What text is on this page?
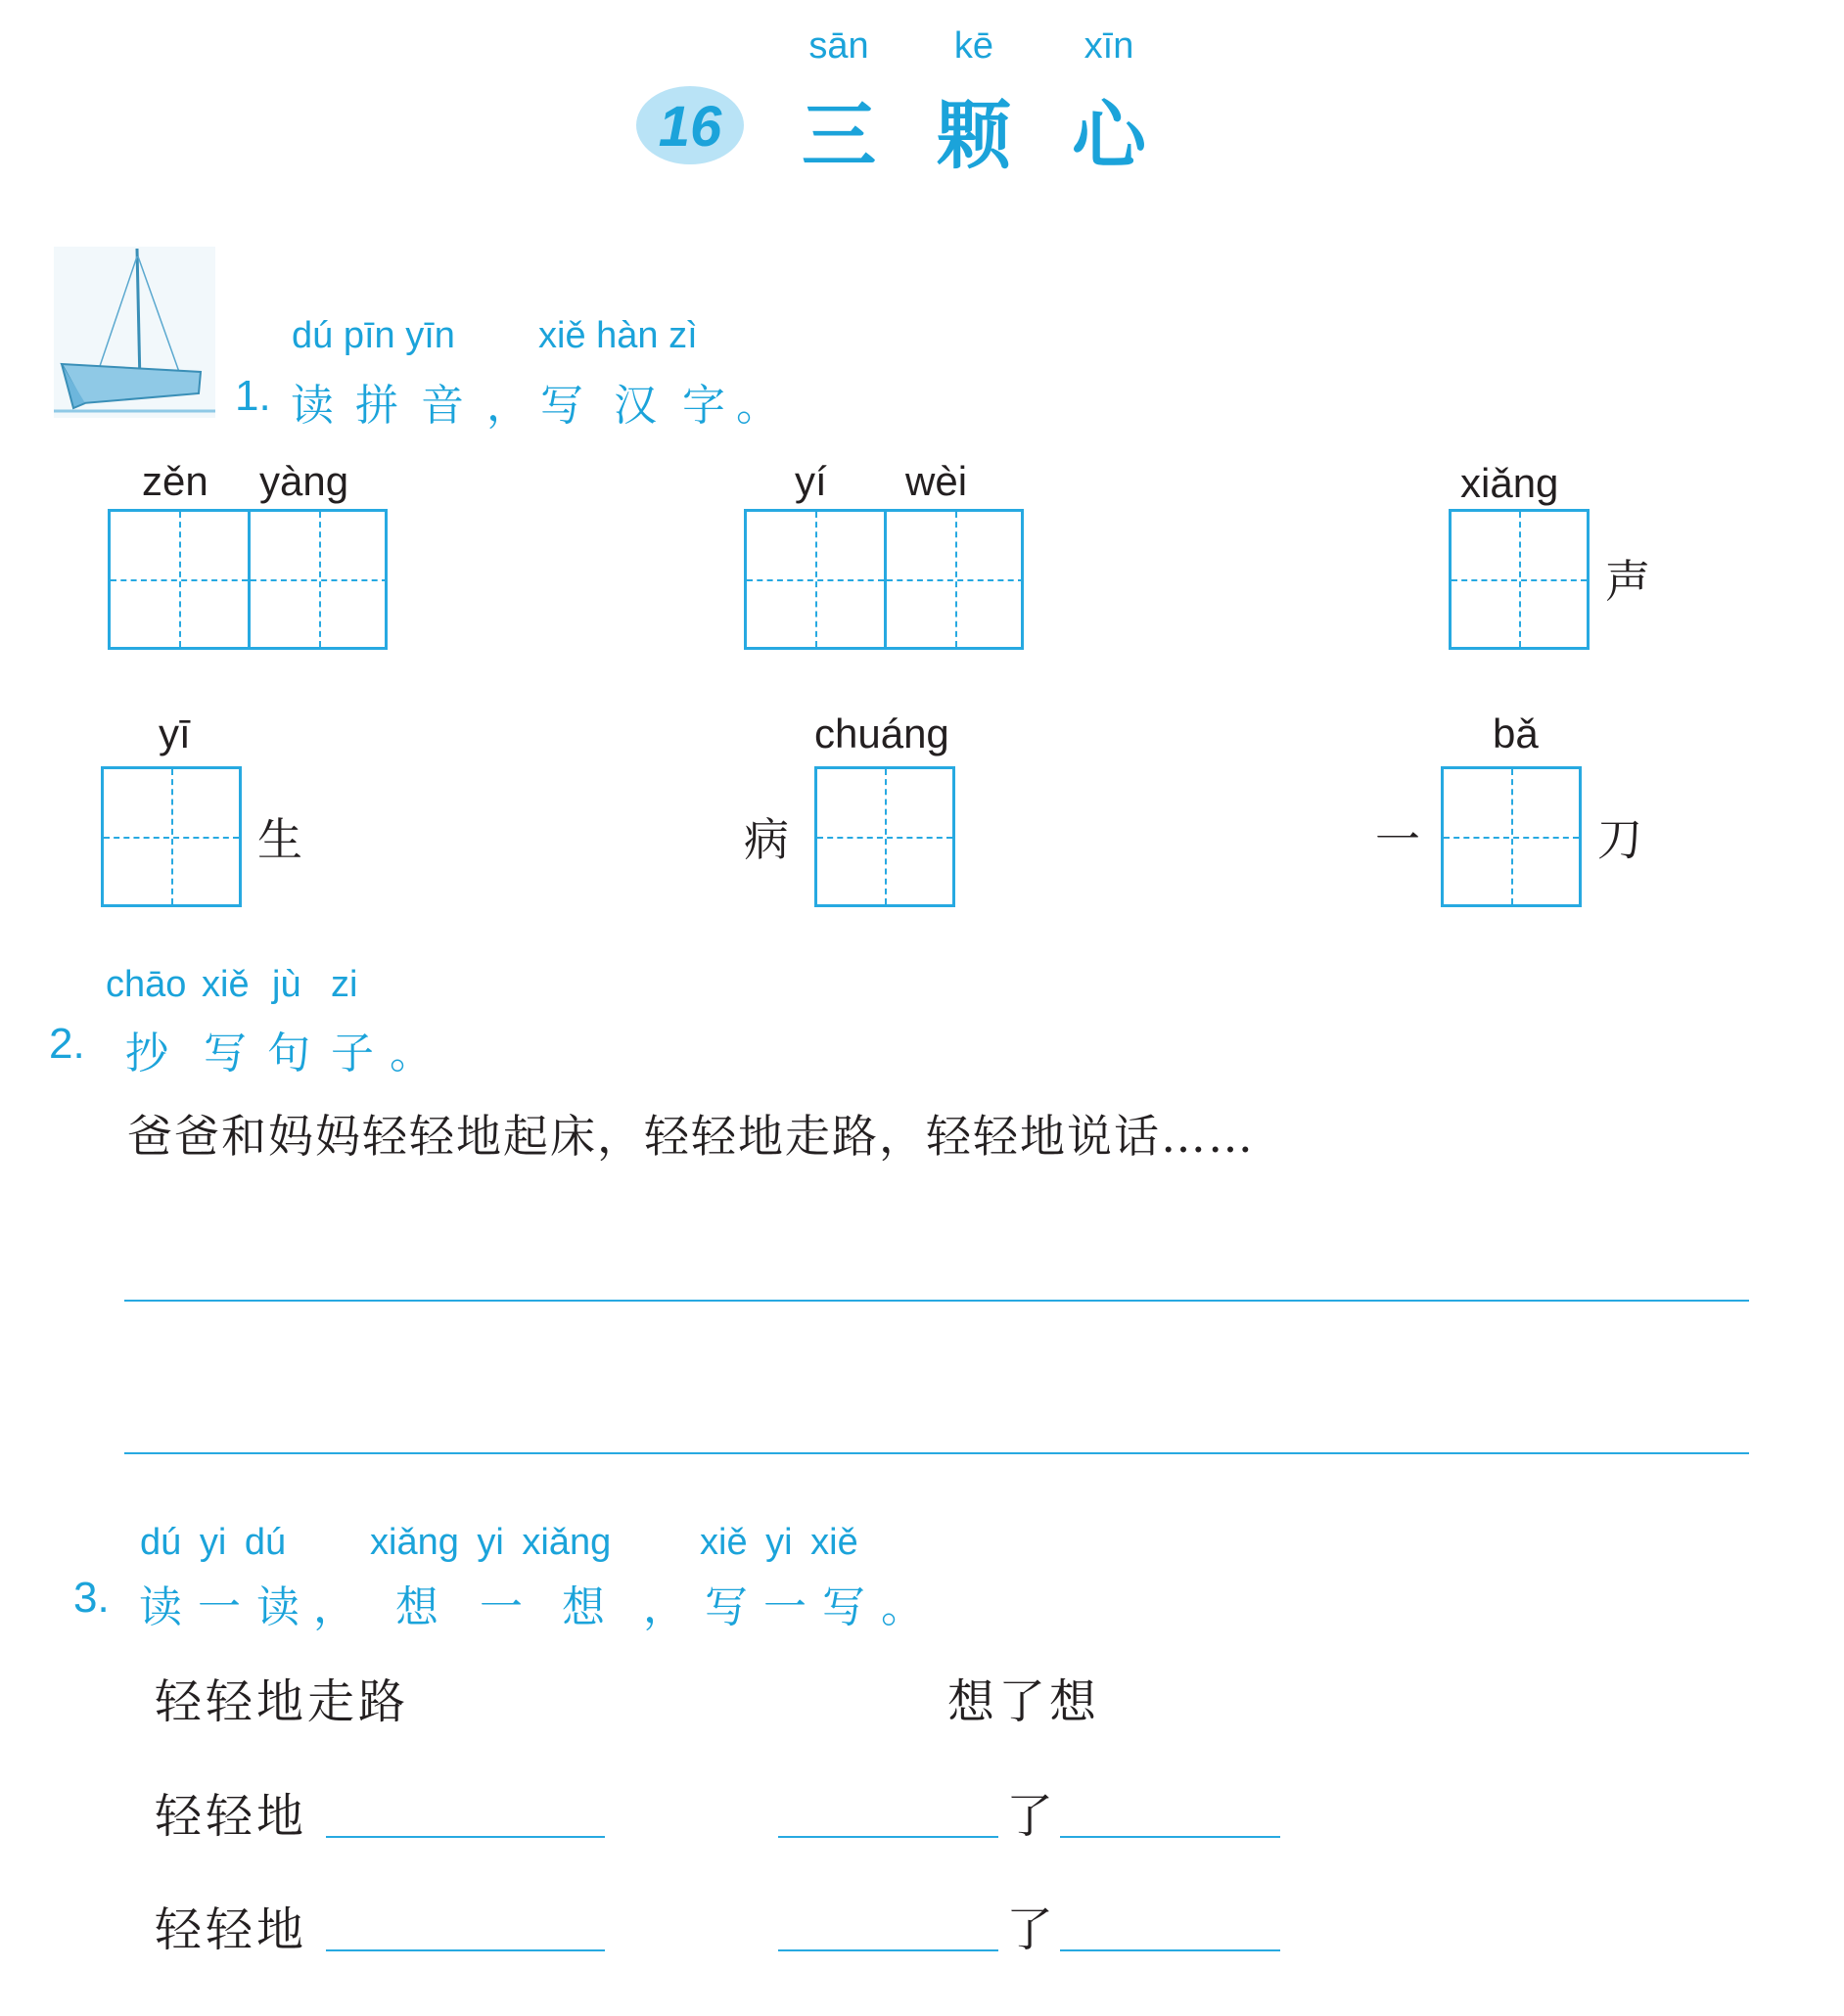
16
sān	kē	xīn
三 颗 心
dú pīn yīn xiě hàn zì
1. 读 拼 音 ， 写 汉 字 。
zěn yàng	yí wèi	xiǎng
声
yī
生
chuáng
病
bǎ
一	刀
chāo xiě jù zi
2. 抄 写 句 子 。
爸爸和妈妈轻轻地起床，轻轻地走路，轻轻地说话……
dú yi dú xiǎng yi xiǎng xiě yi xiě
3. 读 一 读 ， 想 一 想 ， 写 一 写 。
轻轻地走路	想了想
轻轻地	了
轻轻地	了
